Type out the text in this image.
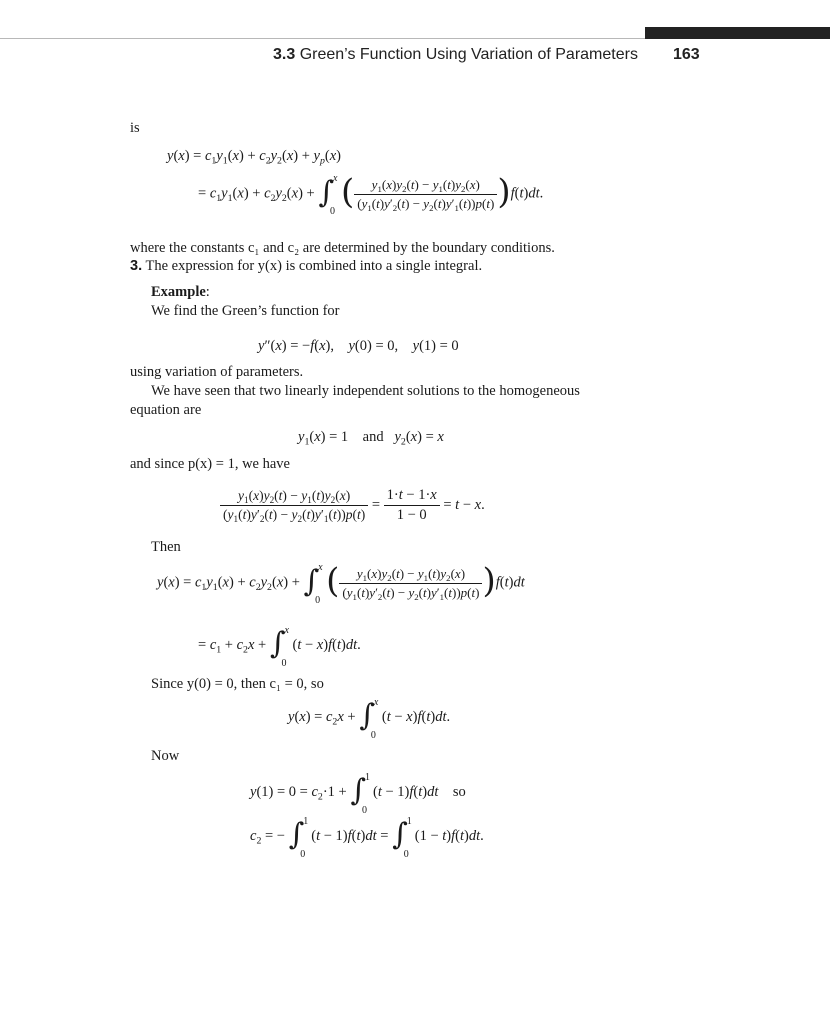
3.3 Green’s Function Using Variation of Parameters 163
is
$y(x) = c_1y_1(x) + c_2y_2(x) + y_p(x)$
= $c_1y_1(x) + c_2y_2(x)$ + ∫ x
0 ( $\frac{y_1(x)y_2(t) - y_1(t)y_2(x)}{(y_1(t)y'_2(t) - y_2(t)y'_1(t))p(t)} )f(t)dt$.
where the constants c₁ and c₂ are determined by the boundary conditions.
3. The expression for y(x) is combined into a single integral.
Example:
We find the Green’s function for
y″(x) = −f(x),    y(0) = 0,    y(1) = 0
using variation of parameters.
We have seen that two linearly independent solutions to the homogeneous
equation are
$y_1(x) = 1$    and $y_2(x) = x$
and since p(x) = 1, we have
$\frac{y_1(x)y_2(t) - y_1(t)y_2(x)}{(y_1(t)y'_2(t) - y_2(t)y'_1(t))p(t)} = \frac{1\cdot t - 1\cdot x}{1 - 0} = t - x$.
Then
$y(x) = c_1y_1(x) + c_2y_2(x)$ + ∫ x
0 ( $\frac{y_1(x)y_2(t) - y_1(t)y_2(x)}{(y_1(t)y'_2(t) - y_2(t)y'_1(t))p(t)} )f(t)dt$
= $c_1 + c_2x$ + ∫ x
0
(t − x)f(t)dt.
Since y(0) = 0, then c₁ = 0, so
$y(x) = c_2x$ + ∫ x
0
(t − x)f(t)dt.
Now
$y(1) = 0 = c_2\cdot 1$ + ∫ 1
0
(t − 1)f(t)dt so
$c_2$ = − ∫ 1
0
(t − 1)f(t)dt = ∫ 1
0
(1 − t)f(t)dt.
